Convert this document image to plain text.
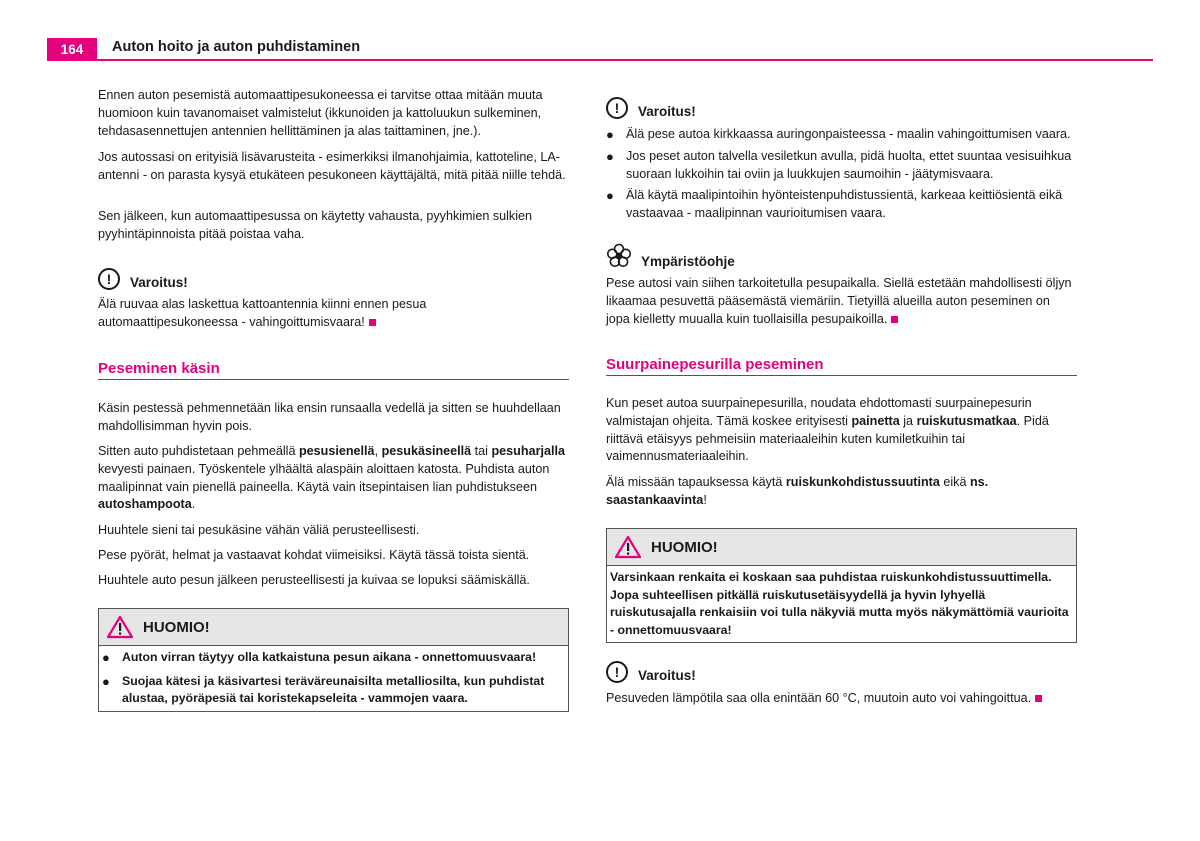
164	Auton hoito ja auton puhdistaminen

Ennen auton pesemistä automaattipesukoneessa ei tarvitse ottaa mitään muuta huomioon kuin tavanomaiset valmistelut (ikkunoiden ja kattoluukun sulkeminen, tehdasasennettujen antennien hellittäminen ja alas taittaminen, jne.).

Jos autossasi on erityisiä lisävarusteita - esimerkiksi ilmanohjaimia, kattoteline, LA-antenni - on parasta kysyä etukäteen pesukoneen käyttäjältä, mitä pitää niille tehdä.

Sen jälkeen, kun automaattipesussa on käytetty vahausta, pyyhkimien sulkien pyyhintäpinnoista pitää poistaa vaha.

!	Varoitus!

Älä ruuvaa alas laskettua kattoantennia kiinni ennen pesua automaattipesukoneessa - vahingoittumisvaara!

Peseminen käsin

Käsin pestessä pehmennetään lika ensin runsaalla vedellä ja sitten se huuhdellaan mahdollisimman hyvin pois.

Sitten auto puhdistetaan pehmeällä pesusienellä, pesukäsineellä tai pesuharjalla kevyesti painaen. Työskentele ylhäältä alaspäin aloittaen katosta. Puhdista auton maalipinnat vain pienellä paineella. Käytä vain itsepintaisen lian puhdistukseen autoshampoota.

Huuhtele sieni tai pesukäsine vähän väliä perusteellisesti.

Pese pyörät, helmat ja vastaavat kohdat viimeisiksi. Käytä tässä toista sientä.

Huuhtele auto pesun jälkeen perusteellisesti ja kuivaa se lopuksi säämiskällä.

HUOMIO!
● Auton virran täytyy olla katkaistuna pesun aikana - onnettomuusvaara!
● Suojaa kätesi ja käsivartesi teräväreunaisilta metalliosilta, kun puhdistat alustaa, pyöräpesiä tai koristekapseleita - vammojen vaara.
!	Varoitus!
● Älä pese autoa kirkkaassa auringonpaisteessa - maalin vahingoittumisen vaara.
● Jos peset auton talvella vesiletkun avulla, pidä huolta, ettet suuntaa vesisuihkua suoraan lukkoihin tai oviin ja luukkujen saumoihin - jäätymisvaara.
● Älä käytä maalipintoihin hyönteistenpuhdistussientä, karkeaa keittiösientä eikä vastaavaa - maalipinnan vaurioitumisen vaara.
Ympäristöohje

Pese autosi vain siihen tarkoitetulla pesupaikalla. Siellä estetään mahdollisesti öljyn likaamaa pesuvettä pääsemästä viemäriin. Tietyillä alueilla auton peseminen on jopa kielletty muualla kuin tuollaisilla pesupaikoilla.

Suurpainepesurilla peseminen

Kun peset autoa suurpainepesurilla, noudata ehdottomasti suurpainepesurin valmistajan ohjeita. Tämä koskee erityisesti painetta ja ruiskutusmatkaa. Pidä riittävä etäisyys pehmeisiin materiaaleihin kuten kumiletkuihin tai vaimennusmateriaaleihin.

Älä missään tapauksessa käytä ruiskunkohdistussuutinta eikä ns. saastankaavinta!

HUOMIO!
Varsinkaan renkaita ei koskaan saa puhdistaa ruiskunkohdistussuuttimella. Jopa suhteellisen pitkällä ruiskutusetäisyydellä ja hyvin lyhyellä ruiskutusajalla renkaisiin voi tulla näkyviä mutta myös näkymättömiä vaurioita - onnettomuusvaara!
!	Varoitus!

Pesuveden lämpötila saa olla enintään 60 °C, muutoin auto voi vahingoittua.
